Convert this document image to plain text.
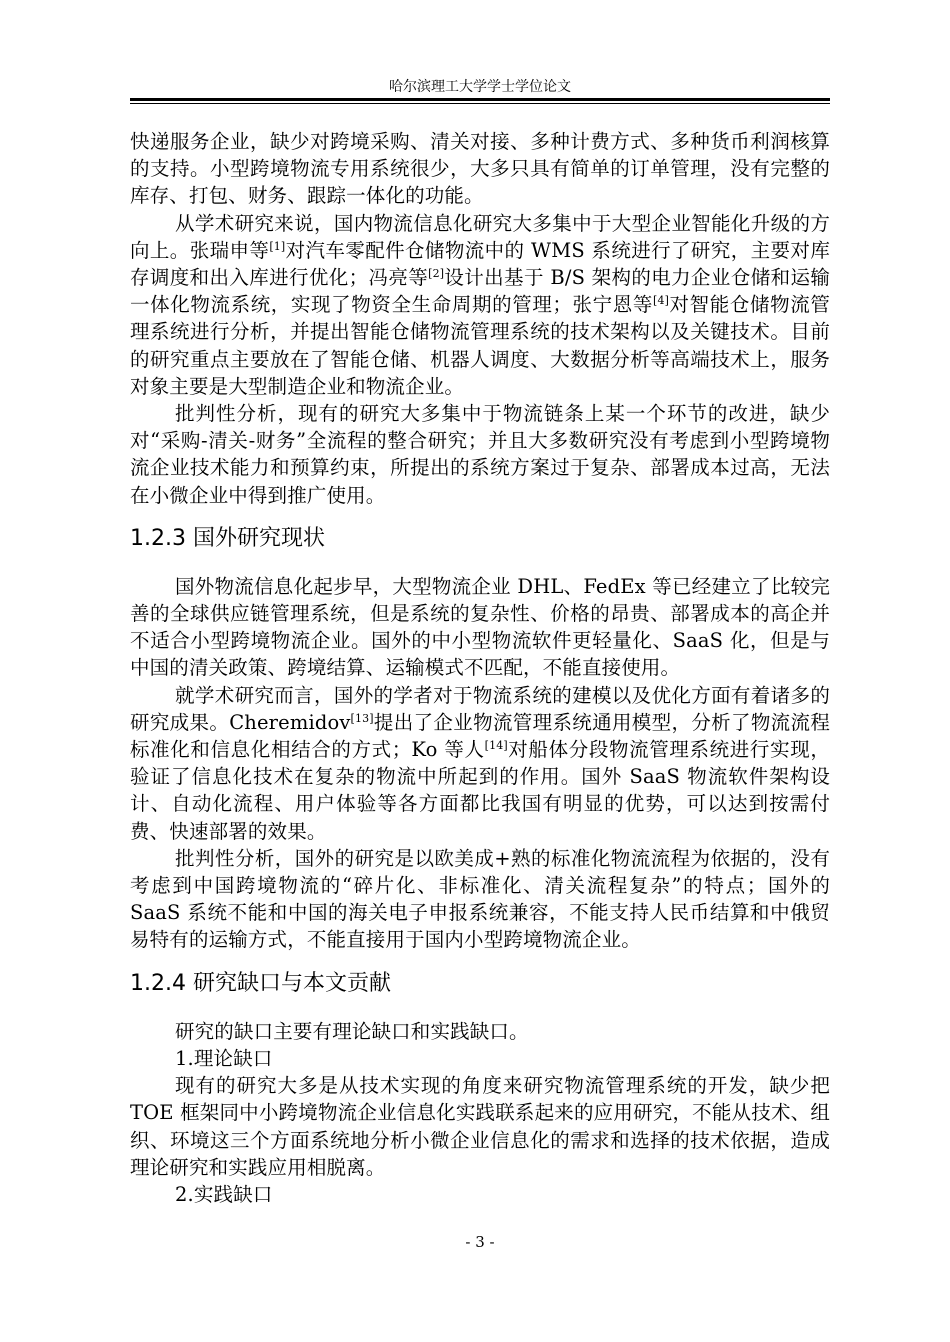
哈尔滨理工大学学士学位论文

快递服务企业，缺少对跨境采购、清关对接、多种计费方式、多种货币利润核算的支持。小型跨境物流专用系统很少，大多只具有简单的订单管理，没有完整的库存、打包、财务、跟踪一体化的功能。

从学术研究来说，国内物流信息化研究大多集中于大型企业智能化升级的方向上。张瑞申等[1]对汽车零配件仓储物流中的 WMS 系统进行了研究，主要对库存调度和出入库进行优化；冯亮等[2]设计出基于 B/S 架构的电力企业仓储和运输一体化物流系统，实现了物资全生命周期的管理；张宁恩等[4]对智能仓储物流管理系统进行分析，并提出智能仓储物流管理系统的技术架构以及关键技术。目前的研究重点主要放在了智能仓储、机器人调度、大数据分析等高端技术上，服务对象主要是大型制造企业和物流企业。

批判性分析，现有的研究大多集中于物流链条上某一个环节的改进，缺少对“采购-清关-财务”全流程的整合研究；并且大多数研究没有考虑到小型跨境物流企业技术能力和预算约束，所提出的系统方案过于复杂、部署成本过高，无法在小微企业中得到推广使用。

1.2.3 国外研究现状

国外物流信息化起步早，大型物流企业 DHL、FedEx 等已经建立了比较完善的全球供应链管理系统，但是系统的复杂性、价格的昂贵、部署成本的高企并不适合小型跨境物流企业。国外的中小型物流软件更轻量化、SaaS 化，但是与中国的清关政策、跨境结算、运输模式不匹配，不能直接使用。

就学术研究而言，国外的学者对于物流系统的建模以及优化方面有着诸多的研究成果。Cheremidov[13]提出了企业物流管理系统通用模型，分析了物流流程标准化和信息化相结合的方式；Ko 等人[14]对船体分段物流管理系统进行实现，验证了信息化技术在复杂的物流中所起到的作用。国外 SaaS 物流软件架构设计、自动化流程、用户体验等各方面都比我国有明显的优势，可以达到按需付费、快速部署的效果。

批判性分析，国外的研究是以欧美成+熟的标准化物流流程为依据的，没有考虑到中国跨境物流的“碎片化、非标准化、清关流程复杂”的特点；国外的 SaaS 系统不能和中国的海关电子申报系统兼容，不能支持人民币结算和中俄贸易特有的运输方式，不能直接用于国内小型跨境物流企业。

1.2.4 研究缺口与本文贡献

研究的缺口主要有理论缺口和实践缺口。

1.理论缺口

现有的研究大多是从技术实现的角度来研究物流管理系统的开发，缺少把 TOE 框架同中小跨境物流企业信息化实践联系起来的应用研究，不能从技术、组织、环境这三个方面系统地分析小微企业信息化的需求和选择的技术依据，造成理论研究和实践应用相脱离。

2.实践缺口

- 3 -
